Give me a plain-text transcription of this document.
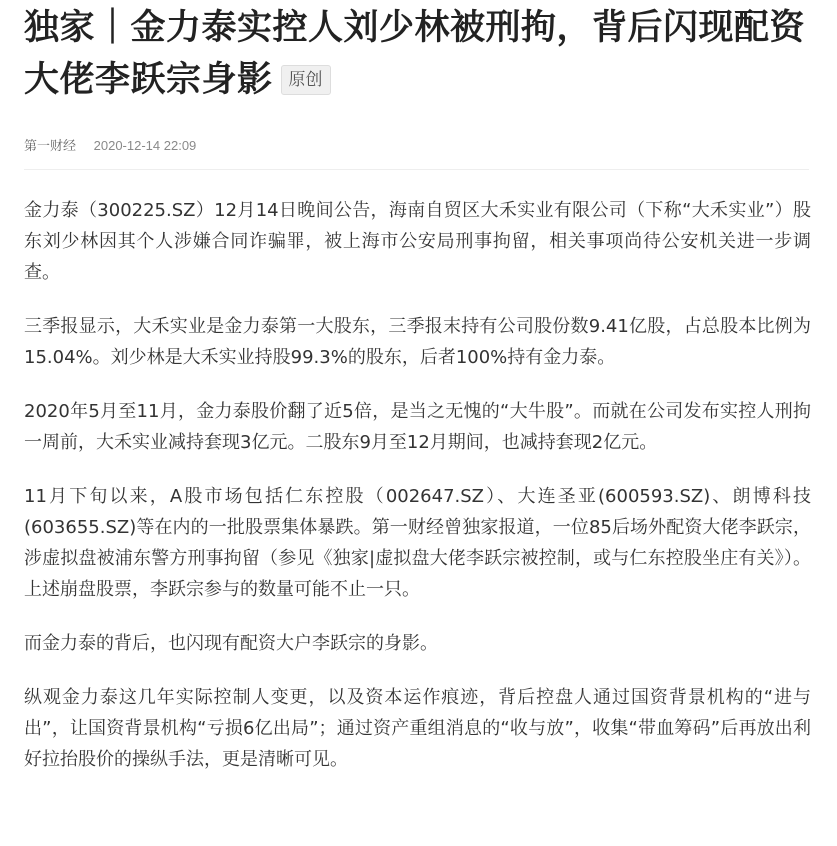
独家｜金力泰实控人刘少林被刑拘，背后闪现配资大佬李跃宗身影 原创
第一财经 2020-12-14 22:09

金力泰（300225.SZ）12月14日晚间公告，海南自贸区大禾实业有限公司（下称“大禾实业”）股东刘少林因其个人涉嫌合同诈骗罪，被上海市公安局刑事拘留，相关事项尚待公安机关进一步调查。

三季报显示，大禾实业是金力泰第一大股东，三季报末持有公司股份数9.41亿股，占总股本比例为15.04%。刘少林是大禾实业持股99.3%的股东，后者100%持有金力泰。

2020年5月至11月，金力泰股价翻了近5倍，是当之无愧的“大牛股”。而就在公司发布实控人刑拘一周前，大禾实业减持套现3亿元。二股东9月至12月期间，也减持套现2亿元。

11月下旬以来，A股市场包括仁东控股（002647.SZ）、大连圣亚(600593.SZ)、朗博科技(603655.SZ)等在内的一批股票集体暴跌。第一财经曾独家报道，一位85后场外配资大佬李跃宗，涉虚拟盘被浦东警方刑事拘留（参见《独家|虚拟盘大佬李跃宗被控制，或与仁东控股坐庄有关》）。上述崩盘股票，李跃宗参与的数量可能不止一只。

而金力泰的背后，也闪现有配资大户李跃宗的身影。

纵观金力泰这几年实际控制人变更，以及资本运作痕迹，背后控盘人通过国资背景机构的“进与出”，让国资背景机构“亏损6亿出局”；通过资产重组消息的“收与放”，收集“带血筹码”后再放出利好拉抬股价的操纵手法，更是清晰可见。
